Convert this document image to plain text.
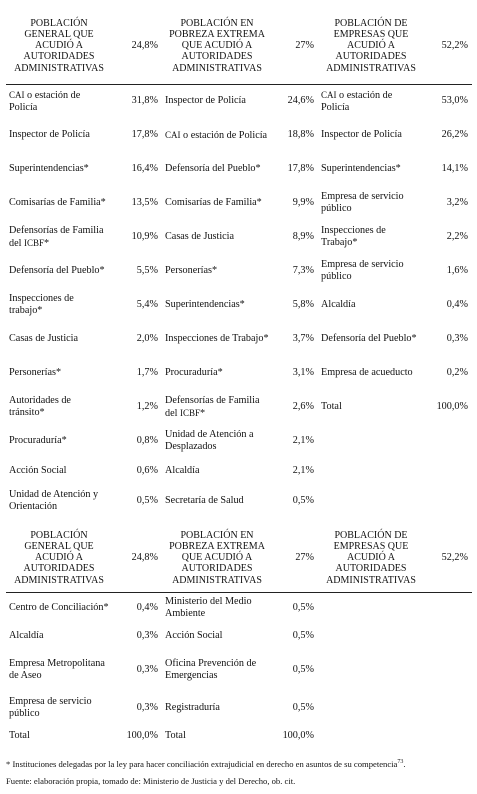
POBLACIÓN GENERAL QUE ACUDIÓ A AUTORIDADES ADMINISTRATIVAS	24,8%	POBLACIÓN EN POBREZA EXTREMA QUE ACUDIÓ A AUTORIDADES ADMINISTRATIVAS	27%	POBLACIÓN DE EMPRESAS QUE ACUDIÓ A AUTORIDADES ADMINISTRATIVAS	52,2%
CAI o estación de Policía	31,8%	Inspector de Policía	24,6%	CAI o estación de Policía	53,0%
Inspector de Policía	17,8%	CAI o estación de Policía	18,8%	Inspector de Policía	26,2%
Superintendencias*	16,4%	Defensoría del Pueblo*	17,8%	Superintendencias*	14,1%
Comisarías de Familia*	13,5%	Comisarías de Familia*	9,9%	Empresa de servicio público	3,2%
Defensorías de Familia del ICBF*	10,9%	Casas de Justicia	8,9%	Inspecciones de Trabajo*	2,2%
Defensoría del Pueblo*	5,5%	Personerías*	7,3%	Empresa de servicio público	1,6%
Inspecciones de trabajo*	5,4%	Superintendencias*	5,8%	Alcaldía	0,4%
Casas de Justicia	2,0%	Inspecciones de Trabajo*	3,7%	Defensoría del Pueblo*	0,3%
Personerías*	1,7%	Procuraduría*	3,1%	Empresa de acueducto	0,2%
Autoridades de tránsito*	1,2%	Defensorías de Familia del ICBF*	2,6%	Total	100,0%
Procuraduría*	0,8%	Unidad de Atención a Desplazados	2,1%		
Acción Social	0,6%	Alcaldía	2,1%		
Unidad de Atención y Orientación	0,5%	Secretaría de Salud	0,5%		
POBLACIÓN GENERAL QUE ACUDIÓ A AUTORIDADES ADMINISTRATIVAS	24,8%	POBLACIÓN EN POBREZA EXTREMA QUE ACUDIÓ A AUTORIDADES ADMINISTRATIVAS	27%	POBLACIÓN DE EMPRESAS QUE ACUDIÓ A AUTORIDADES ADMINISTRATIVAS	52,2%
Centro de Conciliación*	0,4%	Ministerio del Medio Ambiente	0,5%		
Alcaldía	0,3%	Acción Social	0,5%		
Empresa Metropolitana de Aseo	0,3%	Oficina Prevención de Emergencias	0,5%		
Empresa de servicio público	0,3%	Registraduría	0,5%		
Total	100,0%	Total	100,0%		
* Instituciones delegadas por la ley para hacer conciliación extrajudicial en derecho en asuntos de su competencia$^{73}$.
Fuente: elaboración propia, tomado de: Ministerio de Justicia y del Derecho, ob. cit.
